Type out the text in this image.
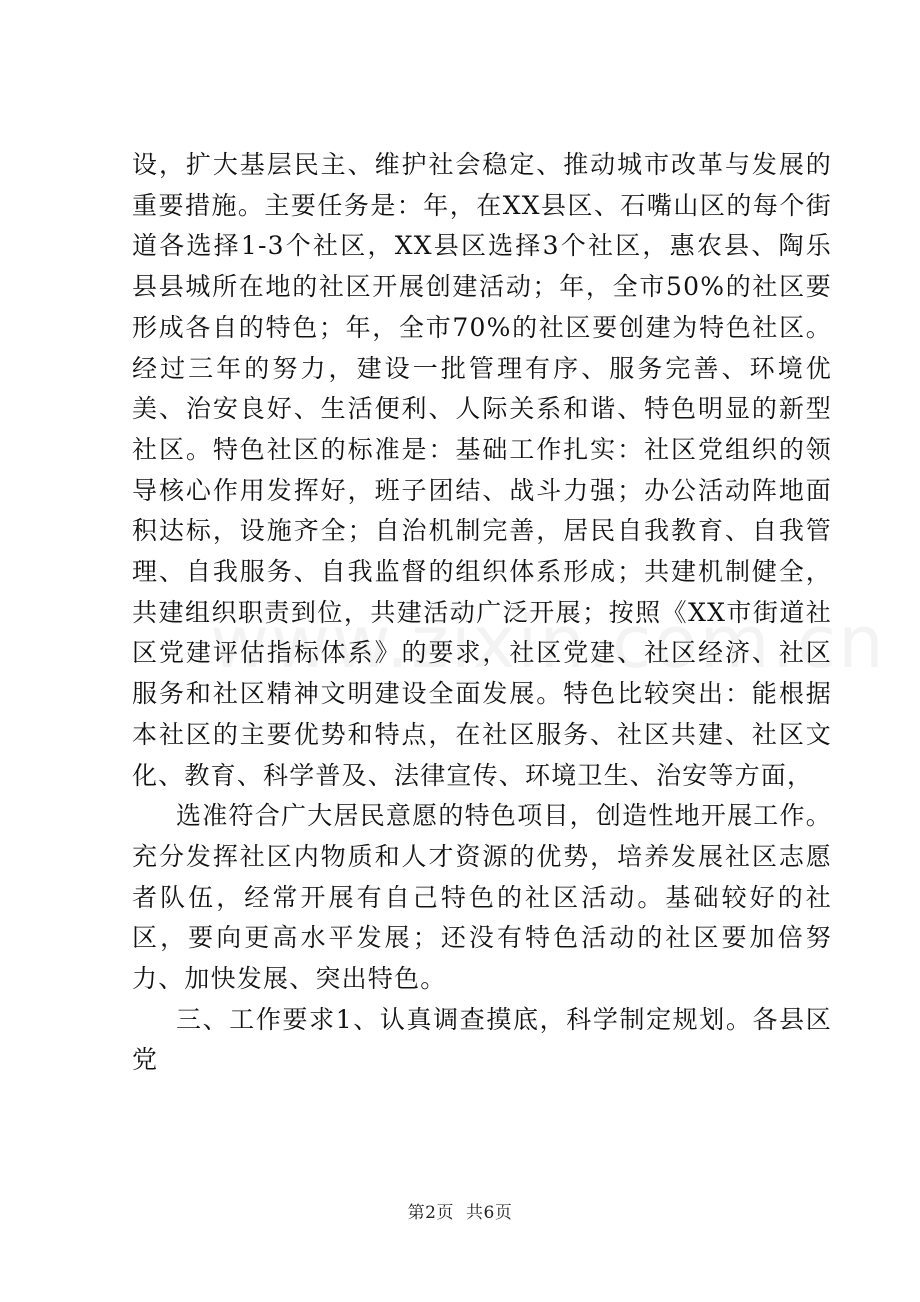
设，扩大基层民主、维护社会稳定、推动城市改革与发展的重要措施。主要任务是：年，在XX县区、石嘴山区的每个街道各选择1-3个社区，XX县区选择3个社区，惠农县、陶乐县县城所在地的社区开展创建活动；年，全市50%的社区要形成各自的特色；年，全市70%的社区要创建为特色社区。经过三年的努力，建设一批管理有序、服务完善、环境优美、治安良好、生活便利、人际关系和谐、特色明显的新型社区。特色社区的标准是：基础工作扎实：社区党组织的领导核心作用发挥好，班子团结、战斗力强；办公活动阵地面积达标，设施齐全；自治机制完善，居民自我教育、自我管理、自我服务、自我监督的组织体系形成；共建机制健全，共建组织职责到位，共建活动广泛开展；按照《XX市街道社区党建评估指标体系》的要求，社区党建、社区经济、社区服务和社区精神文明建设全面发展。特色比较突出：能根据本社区的主要优势和特点，在社区服务、社区共建、社区文化、教育、科学普及、法律宣传、环境卫生、治安等方面，

选准符合广大居民意愿的特色项目，创造性地开展工作。充分发挥社区内物质和人才资源的优势，培养发展社区志愿者队伍，经常开展有自己特色的社区活动。基础较好的社区，要向更高水平发展；还没有特色活动的社区要加倍努力、加快发展、突出特色。

三、工作要求1、认真调查摸底，科学制定规划。各县区党

第2页 共6页
